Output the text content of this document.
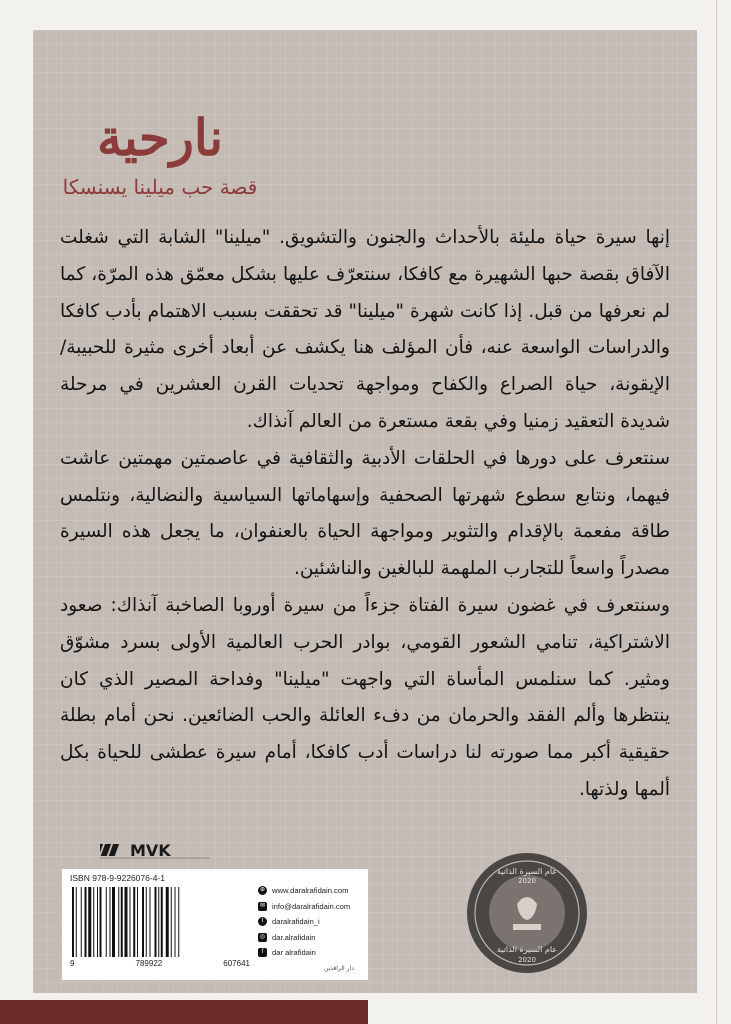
نارحية
قصة حب ميلينا يسنسكا

إنها سيرة حياة مليئة بالأحداث والجنون والتشويق. "ميلينا" الشابة التي شغلت الآفاق بقصة حبها الشهيرة مع كافكا، سنتعرّف عليها بشكل معمّق هذه المرّة، كما لم نعرفها من قبل. إذا كانت شهرة "ميلينا" قد تحققت بسبب الاهتمام بأدب كافكا والدراسات الواسعة عنه، فأن المؤلف هنا يكشف عن أبعاد أخرى مثيرة للحبيبة/الإيقونة، حياة الصراع والكفاح ومواجهة تحديات القرن العشرين في مرحلة شديدة التعقيد زمنيا وفي بقعة مستعرة من العالم آنذاك.

سنتعرف على دورها في الحلقات الأدبية والثقافية في عاصمتين مهمتين عاشت فيهما، ونتابع سطوع شهرتها الصحفية وإسهاماتها السياسية والنضالية، ونتلمس طاقة مفعمة بالإقدام والتثوير ومواجهة الحياة بالعنفوان، ما يجعل هذه السيرة مصدراً واسعاً للتجارب الملهمة للبالغين والناشئين.

وسنتعرف في غضون سيرة الفتاة جزءاً من سيرة أوروبا الصاخبة آنذاك: صعود الاشتراكية، تنامي الشعور القومي، بوادر الحرب العالمية الأولى بسرد مشوّق ومثير. كما سنلمس المأساة التي واجهت "ميلينا" وفداحة المصير الذي كان ينتظرها وألم الفقد والحرمان من دفء العائلة والحب الضائعين. نحن أمام بطلة حقيقية أكبر مما صورته لنا دراسات أدب كافكا، أمام سيرة عطشى للحياة بكل ألمها ولذتها.

MVK
ISBN 978-9-9226076-4-1
9	789922	607641
⊕ www.daralrafidain.com
✉ info@daralrafidain.com
t	daralrafidain_i
◎ dar.alrafidain
f	dar alrafidain
دار الرافدين
عام السيرة الذاتية
2020
عام السيرة الذاتية
2020
